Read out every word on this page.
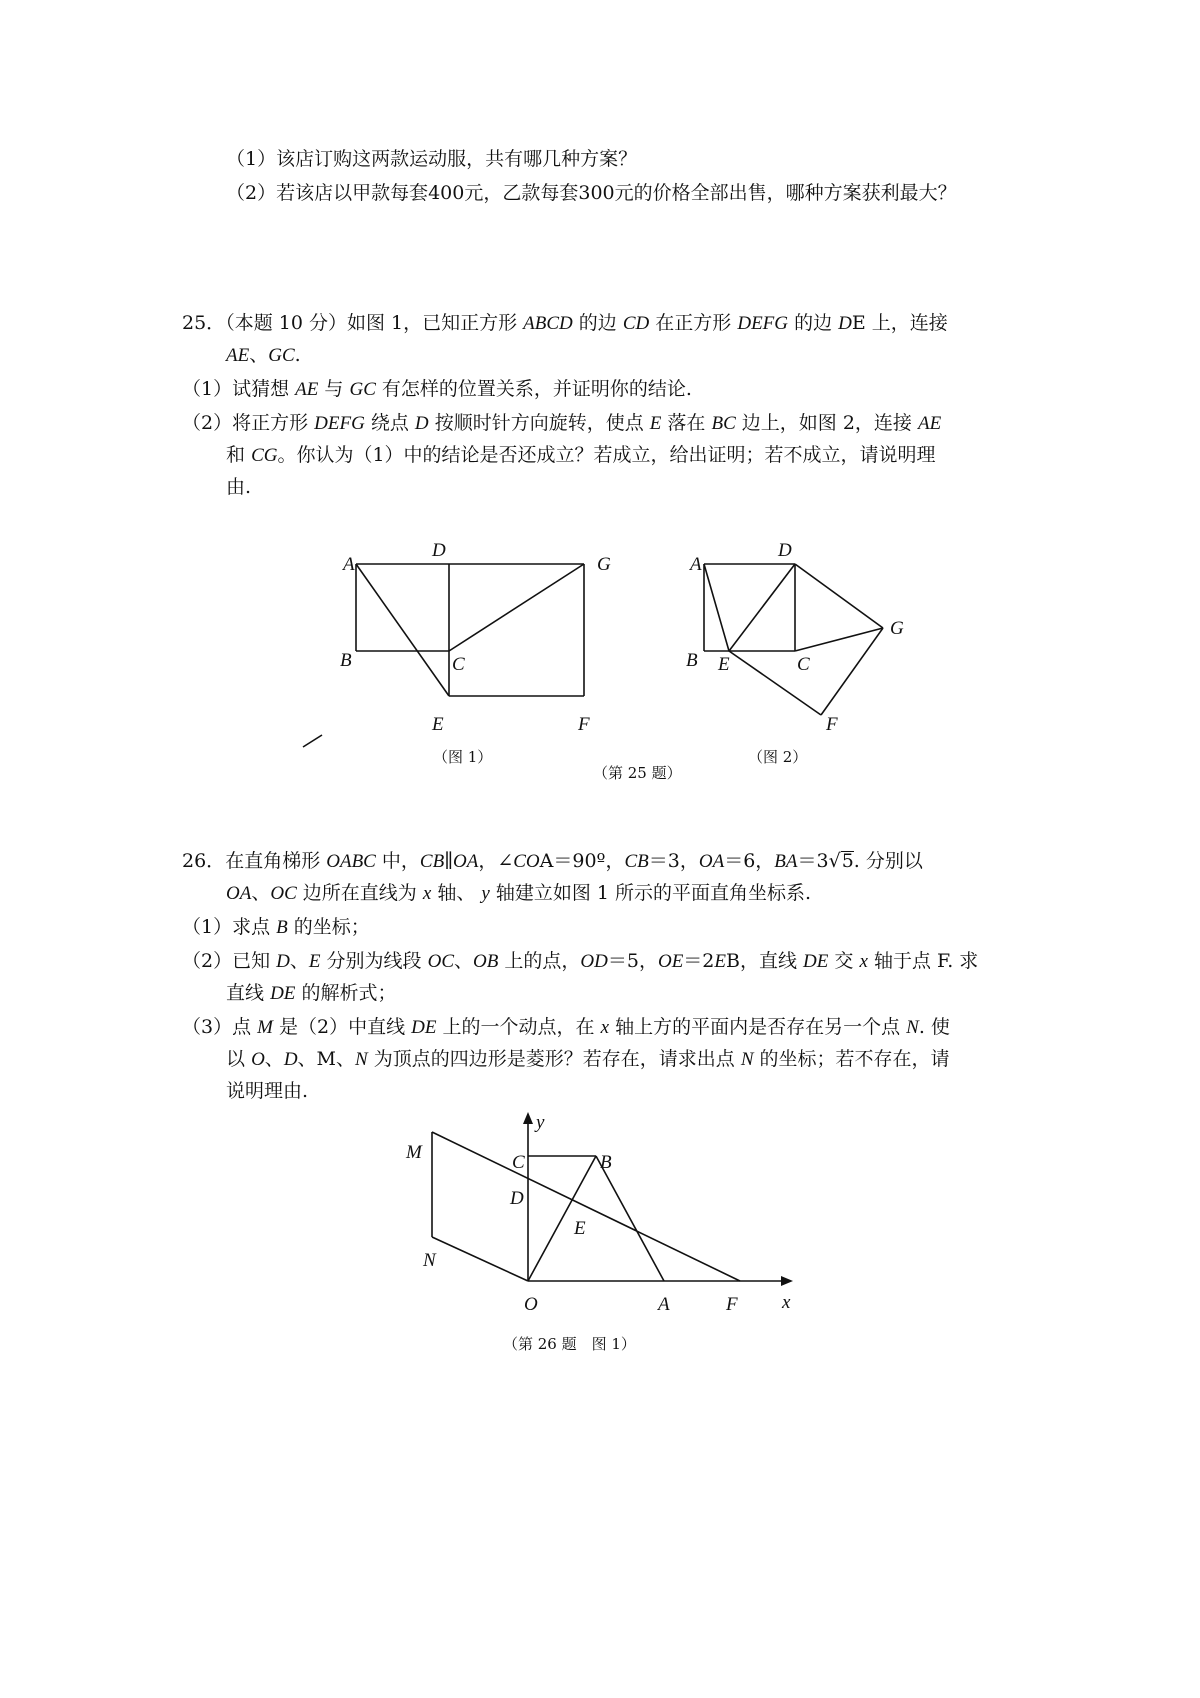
（1）该店订购这两款运动服，共有哪几种方案？
（2）若该店以甲款每套400元，乙款每套300元的价格全部出售，哪种方案获利最大？
25．（本题 10 分）如图 1，已知正方形 ABCD 的边 CD 在正方形 DEFG 的边 DE 上，连接
AE、GC.
（1）试猜想 AE 与 GC 有怎样的位置关系，并证明你的结论.
（2）将正方形 DEFG 绕点 D 按顺时针方向旋转，使点 E 落在 BC 边上，如图 2，连接 AE
和 CG。你认为（1）中的结论是否还成立？若成立，给出证明；若不成立，请说明理
由.
A
D
G
B	C
E	F
（图 1）
A
D
G
B E	C
F
（图 2）
（第 25 题）
26．在直角梯形 OABC 中，CB∥OA，∠COA＝90º，CB＝3，OA＝6，BA＝3√5. 分别以
OA、OC 边所在直线为 x 轴、 y 轴建立如图 1 所示的平面直角坐标系.
（1）求点 B 的坐标；
（2）已知 D、E 分别为线段 OC、OB 上的点，OD＝5，OE＝2EB，直线 DE 交 x 轴于点 F. 求
直线 DE 的解析式；
（3）点 M 是（2）中直线 DE 上的一个动点，在 x 轴上方的平面内是否存在另一个点 N. 使
以 O、D、M、N 为顶点的四边形是菱形？若存在，请求出点 N 的坐标；若不存在，请
说明理由.
y
x
O	A	F
B
C
D
E
M
N
（第 26 题　图 1）
